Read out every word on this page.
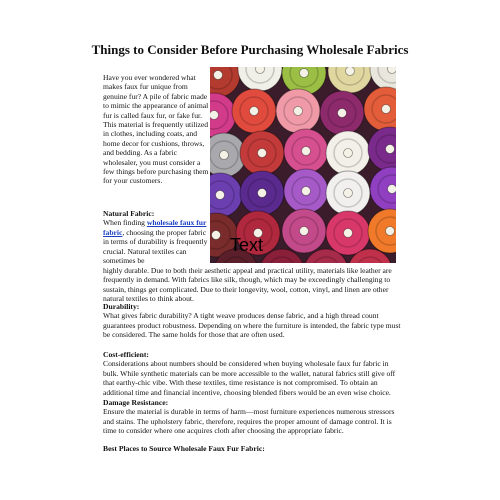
Things to Consider Before Purchasing Wholesale Fabrics
Have you ever wondered what makes faux fur unique from genuine fur? A pile of fabric made to mimic the appearance of animal fur is called faux fur, or fake fur. This material is frequently utilized in clothes, including coats, and home decor for cushions, throws, and bedding. As a fabric wholesaler, you must consider a few things before purchasing them for your customers.
Natural Fabric:
When finding wholesale faux fur fabric, choosing the proper fabric in terms of durability is frequently crucial. Natural textiles can sometimes be
Text
highly durable. Due to both their aesthetic appeal and practical utility, materials like leather are frequently in demand. With fabrics like silk, though, which may be exceedingly challenging to sustain, things get complicated. Due to their longevity, wool, cotton, vinyl, and linen are other natural textiles to think about.
Durability:
What gives fabric durability? A tight weave produces dense fabric, and a high thread count guarantees product robustness. Depending on where the furniture is intended, the fabric type must be considered. The same holds for those that are often used.
Cost-efficient:
Considerations about numbers should be considered when buying wholesale faux fur fabric in bulk. While synthetic materials can be more accessible to the wallet, natural fabrics still give off that earthy-chic vibe. With these textiles, time resistance is not compromised. To obtain an additional time and financial incentive, choosing blended fibers would be an even wise choice.
Damage Resistance:
Ensure the material is durable in terms of harm—most furniture experiences numerous stressors and stains. The upholstery fabric, therefore, requires the proper amount of damage control. It is time to consider where one acquires cloth after choosing the appropriate fabric.
Best Places to Source Wholesale Faux Fur Fabric:
